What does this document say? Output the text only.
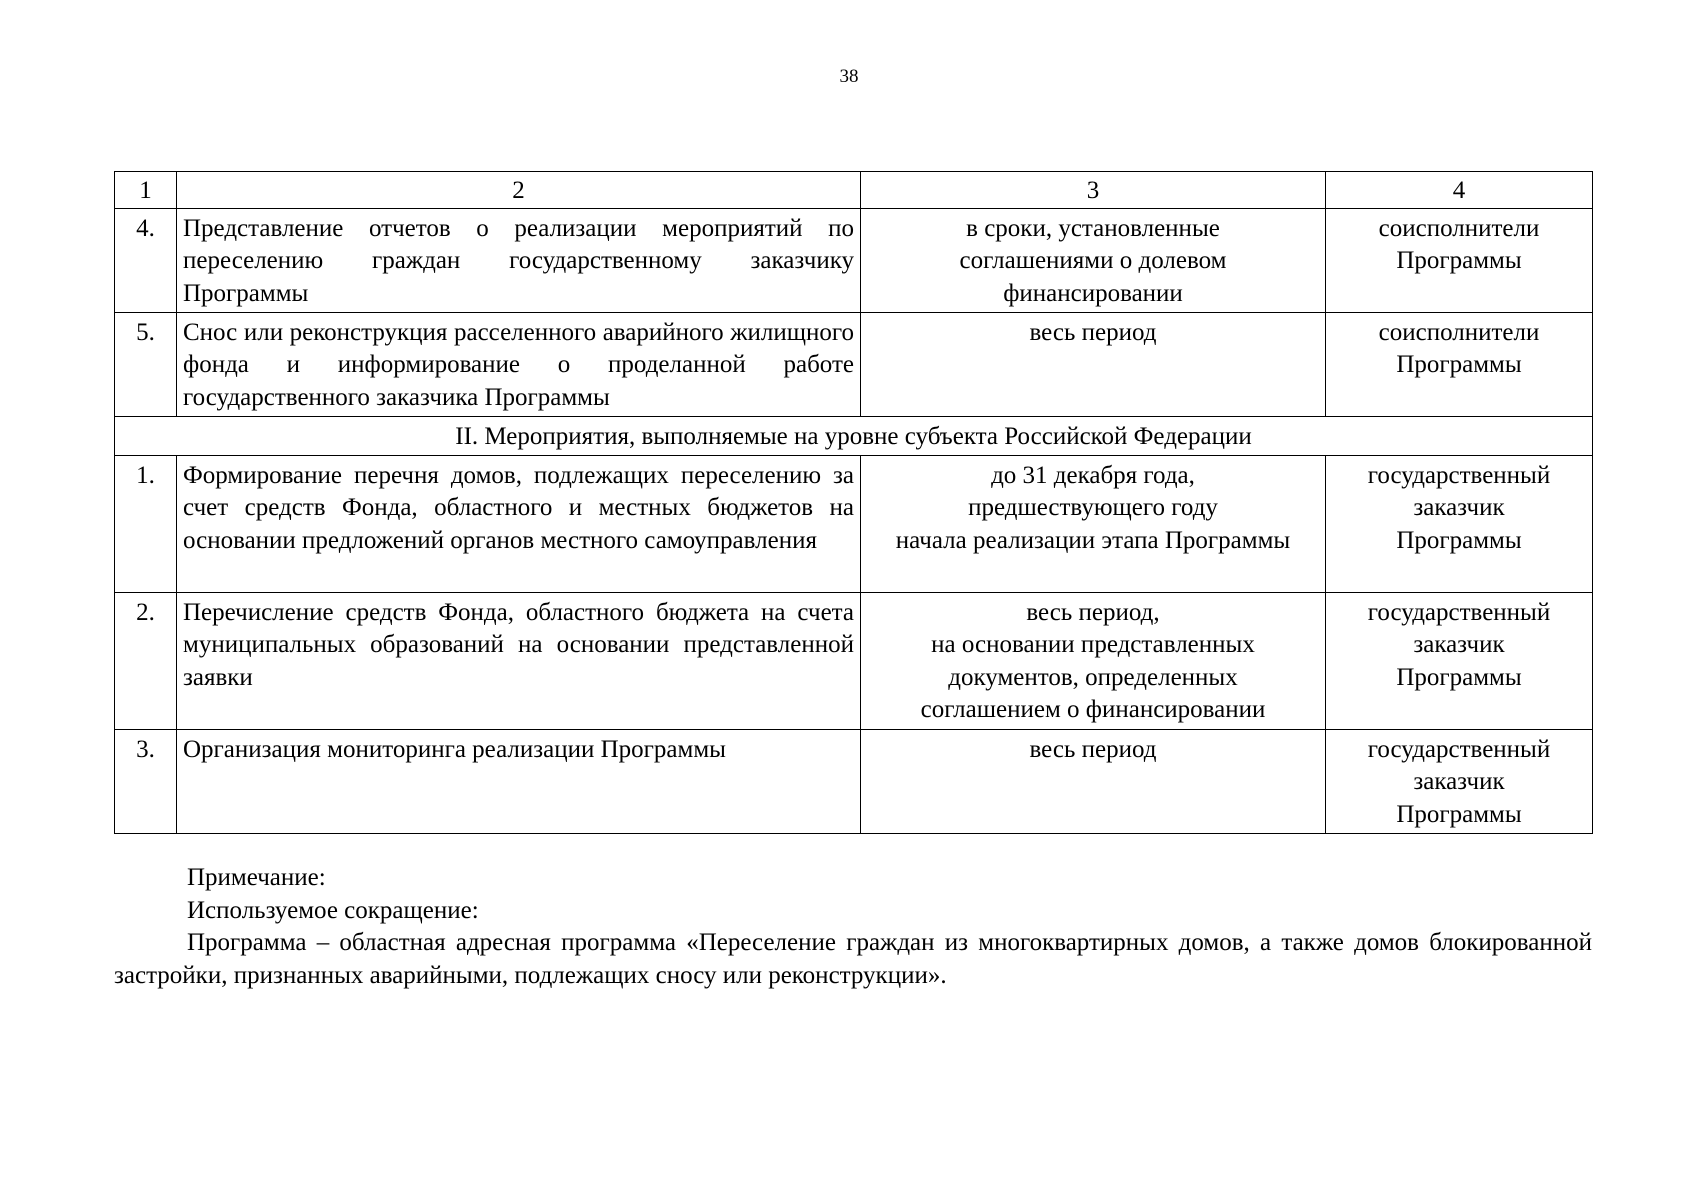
38
1	2	3	4
4.	Представление отчетов о реализации мероприятий по переселению граждан государственному заказчику Программы	в сроки, установленные
соглашениями о долевом
финансировании	соисполнители
Программы

5.	Снос или реконструкция расселенного аварийного жилищного фонда и информирование о проделанной работе государственного заказчика Программы	весь период	соисполнители
Программы

II. Мероприятия, выполняемые на уровне субъекта Российской Федерации			
1.	Формирование перечня домов, подлежащих переселению за счет средств Фонда, областного и местных бюджетов на основании предложений органов местного самоуправления	до 31 декабря года,
предшествующего году
начала реализации этапа Программы	государственный
заказчик
Программы

2.	Перечисление средств Фонда, областного бюджета на счета муниципальных образований на основании представленной заявки	весь период,
на основании представленных
документов, определенных
соглашением о финансировании	государственный
заказчик
Программы

3.	Организация мониторинга реализации Программы	весь период	государственный
заказчик
Программы

Примечание:

Используемое сокращение:

Программа – областная адресная программа «Переселение граждан из многоквартирных домов, а также домов блокированной застройки, признанных аварийными, подлежащих сносу или реконструкции».
